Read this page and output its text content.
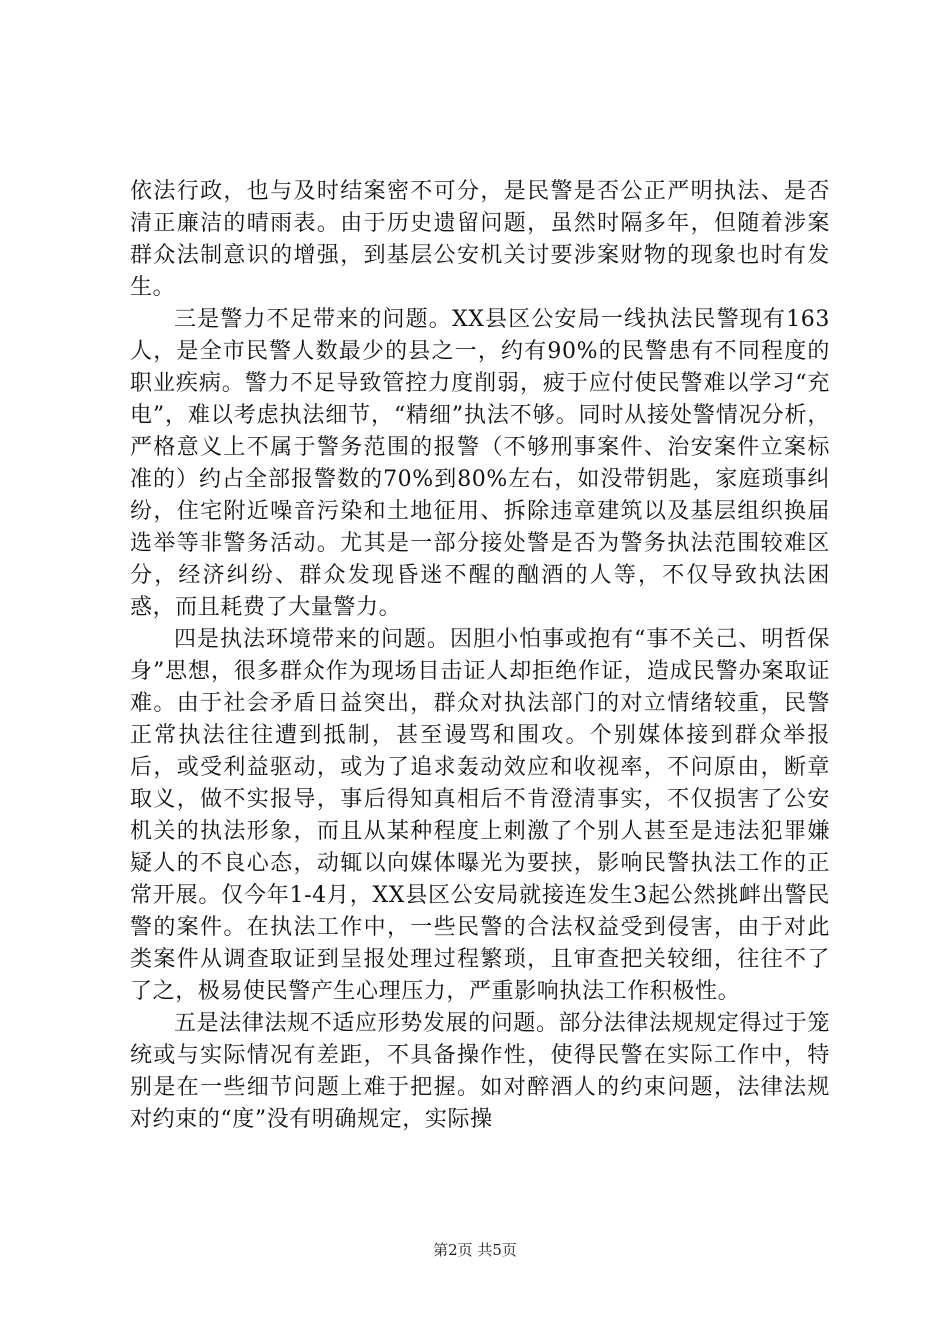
依法行政，也与及时结案密不可分，是民警是否公正严明执法、是否清正廉洁的晴雨表。由于历史遗留问题，虽然时隔多年，但随着涉案群众法制意识的增强，到基层公安机关讨要涉案财物的现象也时有发生。

三是警力不足带来的问题。XX县区公安局一线执法民警现有163人，是全市民警人数最少的县之一，约有90%的民警患有不同程度的职业疾病。警力不足导致管控力度削弱，疲于应付使民警难以学习“充电”，难以考虑执法细节，“精细”执法不够。同时从接处警情况分析，严格意义上不属于警务范围的报警（不够刑事案件、治安案件立案标准的）约占全部报警数的70%到80%左右，如没带钥匙，家庭琐事纠纷，住宅附近噪音污染和土地征用、拆除违章建筑以及基层组织换届选举等非警务活动。尤其是一部分接处警是否为警务执法范围较难区分，经济纠纷、群众发现昏迷不醒的酗酒的人等，不仅导致执法困惑，而且耗费了大量警力。

四是执法环境带来的问题。因胆小怕事或抱有“事不关己、明哲保身”思想，很多群众作为现场目击证人却拒绝作证，造成民警办案取证难。由于社会矛盾日益突出，群众对执法部门的对立情绪较重，民警正常执法往往遭到抵制，甚至谩骂和围攻。个别媒体接到群众举报后，或受利益驱动，或为了追求轰动效应和收视率，不问原由，断章取义，做不实报导，事后得知真相后不肯澄清事实，不仅损害了公安机关的执法形象，而且从某种程度上刺激了个别人甚至是违法犯罪嫌疑人的不良心态，动辄以向媒体曝光为要挟，影响民警执法工作的正常开展。仅今年1-4月，XX县区公安局就接连发生3起公然挑衅出警民警的案件。在执法工作中，一些民警的合法权益受到侵害，由于对此类案件从调查取证到呈报处理过程繁琐，且审查把关较细，往往不了了之，极易使民警产生心理压力，严重影响执法工作积极性。

五是法律法规不适应形势发展的问题。部分法律法规规定得过于笼统或与实际情况有差距，不具备操作性，使得民警在实际工作中，特别是在一些细节问题上难于把握。如对醉酒人的约束问题，法律法规对约束的“度”没有明确规定，实际操

第2页 共5页
